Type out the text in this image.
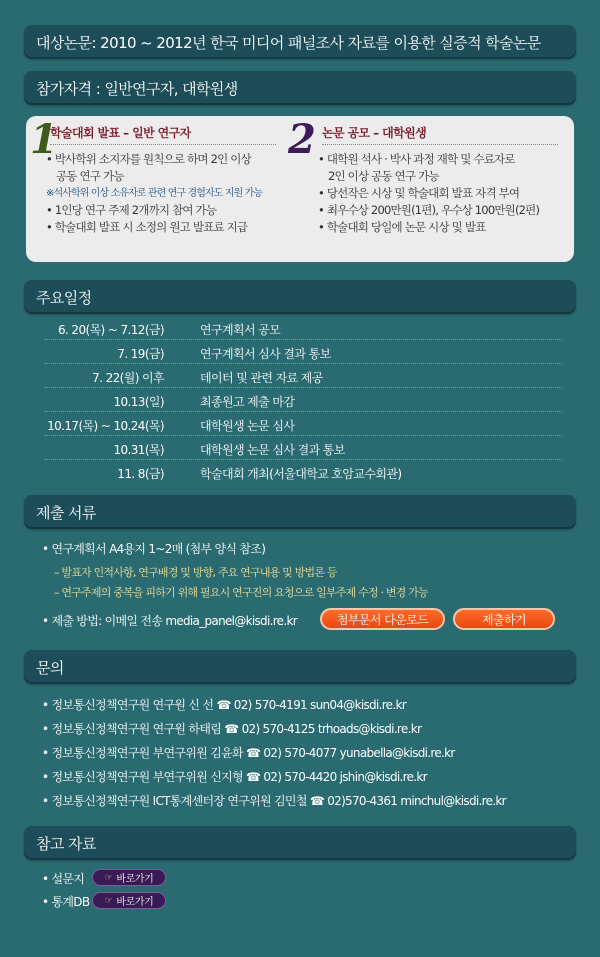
대상논문: 2010 ~ 2012년 한국 미디어 패널조사 자료를 이용한 실증적 학술논문
참가자격 : 일반연구자, 대학원생
1
학술대회 발표 – 일반 연구자
• 박사학위 소지자를 원칙으로 하며 2인 이상
공동 연구 가능
※석사학위 이상 소유자로 관련 연구 경험자도 지원 가능
• 1인당 연구 주제 2개까지 참여 가능
• 학술대회 발표 시 소정의 원고 발표료 지급
2 논문 공모 – 대학원생
• 대학원 석사 · 박사 과정 재학 및 수료자로
2인 이상 공동 연구 가능
• 당선작은 시상 및 학술대회 발표 자격 부여
• 최우수상 200만원(1편), 우수상 100만원(2편)
• 학술대회 당일에 논문 시상 및 발표
주요일정
6. 20(목) ~ 7.12(금)	연구계획서 공모
7. 19(금)	연구계획서 심사 결과 통보
7. 22(월) 이후	데이터 및 관련 자료 제공
10.13(일)	최종원고 제출 마감
10.17(목) ~ 10.24(목)	대학원생 논문 심사
10.31(목)	대학원생 논문 심사 결과 통보
11. 8(금)	학술대회 개최(서울대학교 호암교수회관)
제출 서류
• 연구계획서 A4용지 1~2매 (첨부 양식 참조)
– 발표자 인적사항, 연구배경 및 방향, 주요 연구내용 및 방법론 등
– 연구주제의 중복을 피하기 위해 필요시 연구진의 요청으로 일부주제 수정 · 변경 가능
• 제출 방법: 이메일 전송 media_panel@kisdi.re.kr	첨부문서 다운로드	제출하기
문의
• 정보통신정책연구원 연구원 신 선 ☎ 02) 570-4191 sun04@kisdi.re.kr
• 정보통신정책연구원 연구원 하태림 ☎ 02) 570-4125 trhoads@kisdi.re.kr
• 정보통신정책연구원 부연구위원 김윤화 ☎ 02) 570-4077 yunabella@kisdi.re.kr
• 정보통신정책연구원 부연구위원 신지형 ☎ 02) 570-4420 jshin@kisdi.re.kr
• 정보통신정책연구원 ICT통계센터장 연구위원 김민철 ☎ 02)570-4361 minchul@kisdi.re.kr
참고 자료
• 설문지 ☞ 바로가기
• 통계DB ☞ 바로가기
